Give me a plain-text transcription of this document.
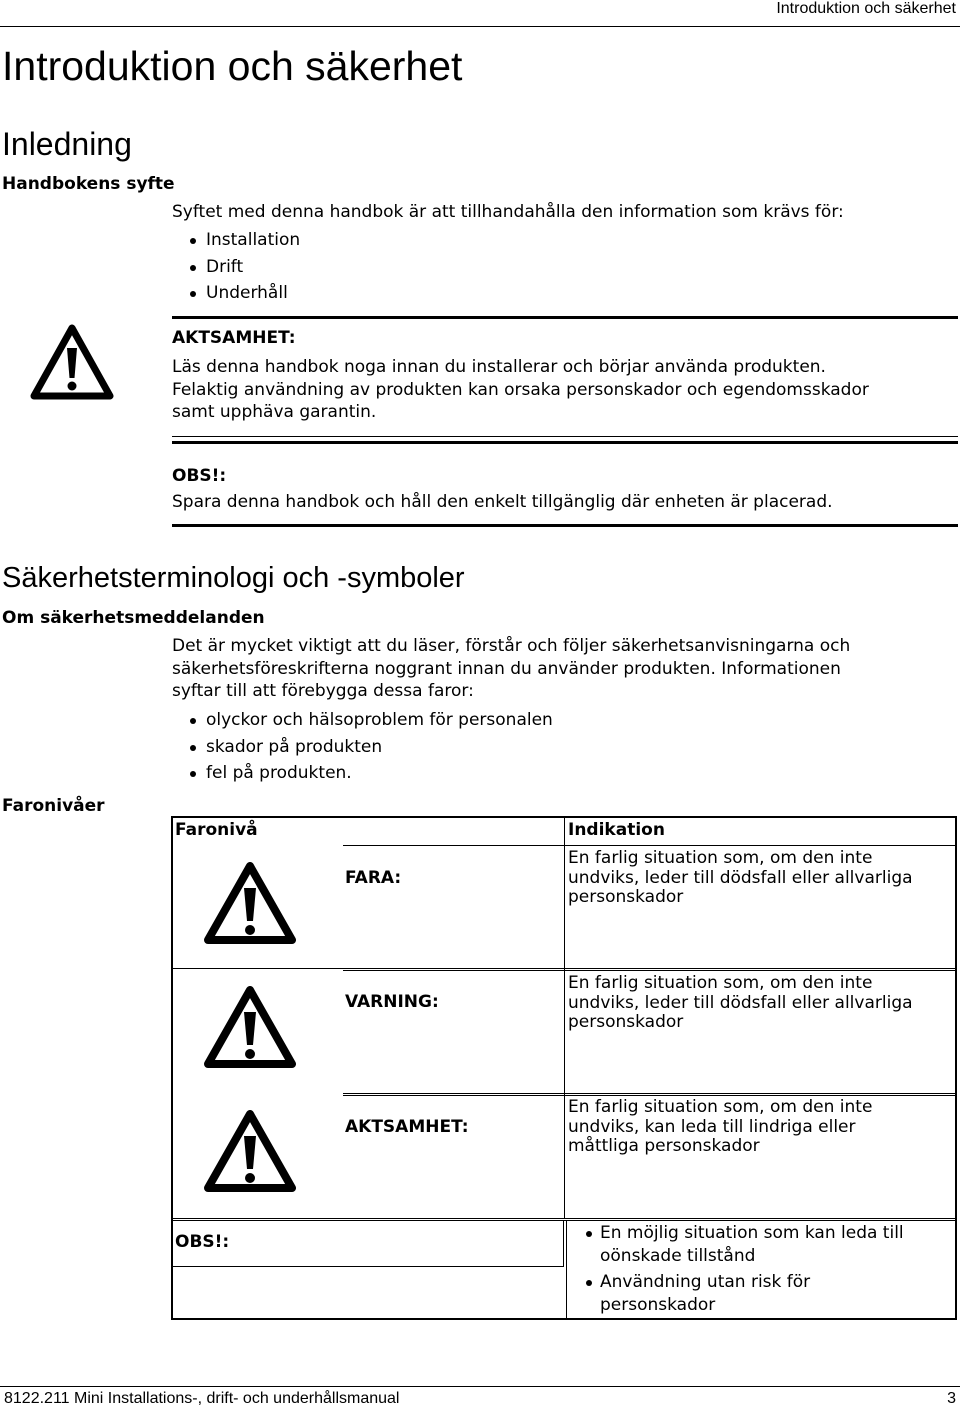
Introduktion och säkerhet
Introduktion och säkerhet
Inledning
Handbokens syfte
Syftet med denna handbok är att tillhandahålla den information som krävs för:
Installation
Drift
Underhåll
AKTSAMHET:
Läs denna handbok noga innan du installerar och börjar använda produkten.
Felaktig användning av produkten kan orsaka personskador och egendomsskador
samt upphäva garantin.
OBS!:
Spara denna handbok och håll den enkelt tillgänglig där enheten är placerad.
Säkerhetsterminologi och -symboler
Om säkerhetsmeddelanden
Det är mycket viktigt att du läser, förstår och följer säkerhetsanvisningarna och
säkerhetsföreskrifterna noggrant innan du använder produkten. Informationen
syftar till att förebygga dessa faror:
olyckor och hälsoproblem för personalen
skador på produkten
fel på produkten.
Faronivåer
Faronivå	Indikation
FARA:
En farlig situation som, om den inte
undviks, leder till dödsfall eller allvarliga
personskador
VARNING:
En farlig situation som, om den inte
undviks, leder till dödsfall eller allvarliga
personskador
AKTSAMHET:
En farlig situation som, om den inte
undviks, kan leda till lindriga eller
måttliga personskador
OBS!:	En möjlig situation som kan leda till
oönskade tillstånd
Användning utan risk för
personskador
8122.211 Mini Installations-, drift- och underhållsmanual	3
